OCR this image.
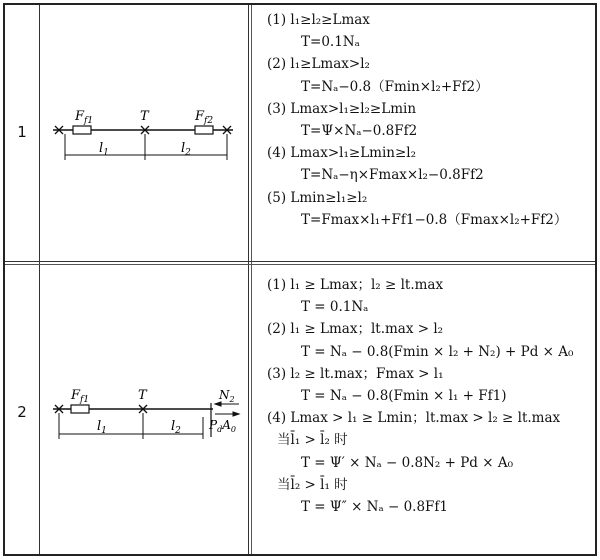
1
$F_{f1}$	T	$F_{f2}$
$l_1$	$l_2$
(1) l₁≥l₂≥Lmax
T=0.1Nₐ
(2) l₁≥Lmax>l₂
T=Nₐ−0.8（Fmin×l₂+Ff2）
(3) Lmax>l₁≥l₂≥Lmin
T=Ψ×Nₐ−0.8Ff2
(4) Lmax>l₁≥Lmin≥l₂
T=Nₐ−η×Fmax×l₂−0.8Ff2
(5) Lmin≥l₁≥l₂
T=Fmax×l₁+Ff1−0.8（Fmax×l₂+Ff2）
2
$F_{f1}$	T	$N_2$
$P_dA_0$
$l_1$	$l_2$
(1) l₁ ≥ Lmax；l₂ ≥ lt.max
T = 0.1Nₐ
(2) l₁ ≥ Lmax；lt.max > l₂
T = Nₐ − 0.8(Fmin × l₂ + N₂) + Pd × A₀
(3) l₂ ≥ lt.max；Fmax > l₁
T = Nₐ − 0.8(Fmin × l₁ + Ff1)
(4) Lmax > l₁ ≥ Lmin；lt.max > l₂ ≥ lt.max
当l̄₁ > l̄₂ 时
T = Ψ′ × Nₐ − 0.8N₂ + Pd × A₀
当l̄₂ > l̄₁ 时
T = Ψ″ × Nₐ − 0.8Ff1
